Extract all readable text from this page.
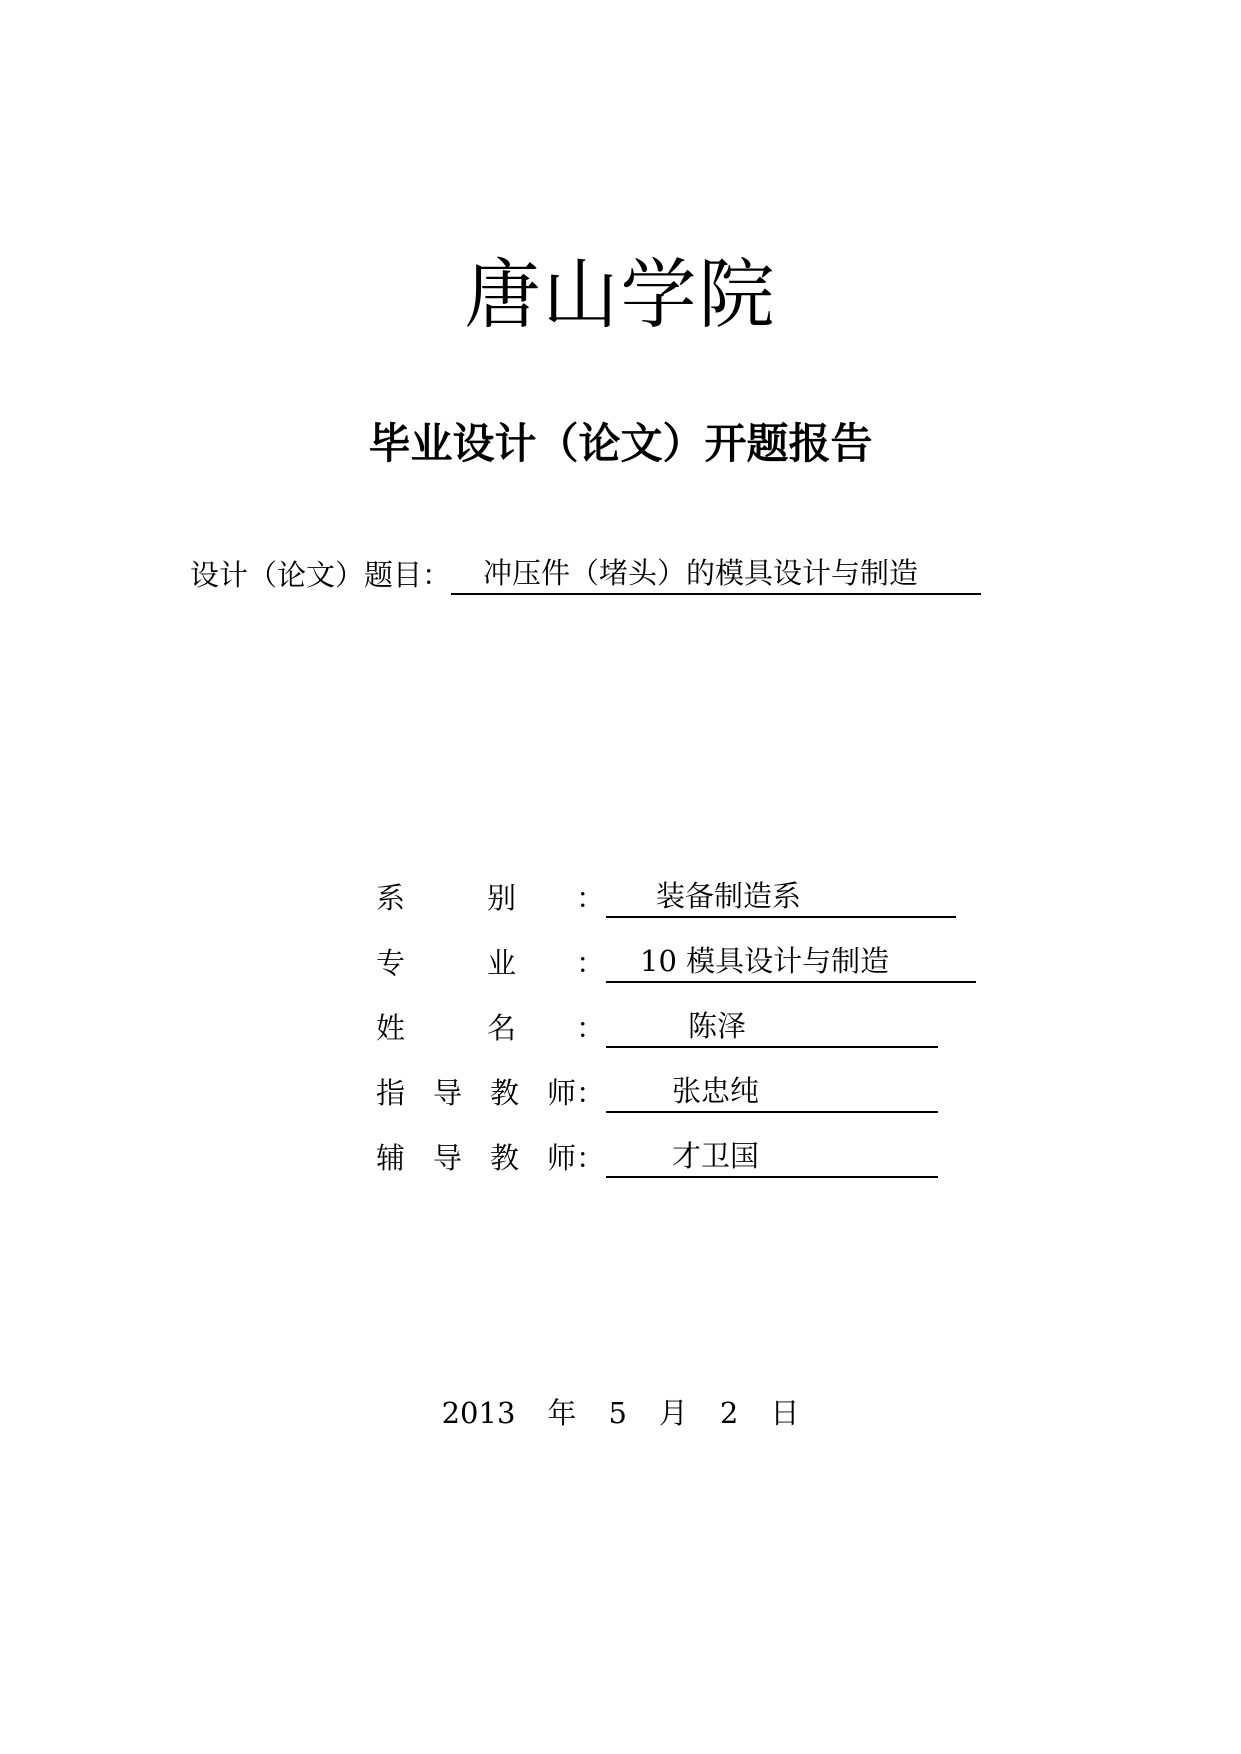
唐山学院
毕业设计（论文）开题报告
设计（论文）题目：	冲压件（堵头）的模具设计与制造
系别 ：	装备制造系
专业 ：	10 模具设计与制造
姓名 ：	陈泽
指导教师 ：	张忠纯
辅导教师 ：	才卫国
2013 年 5 月 2 日
